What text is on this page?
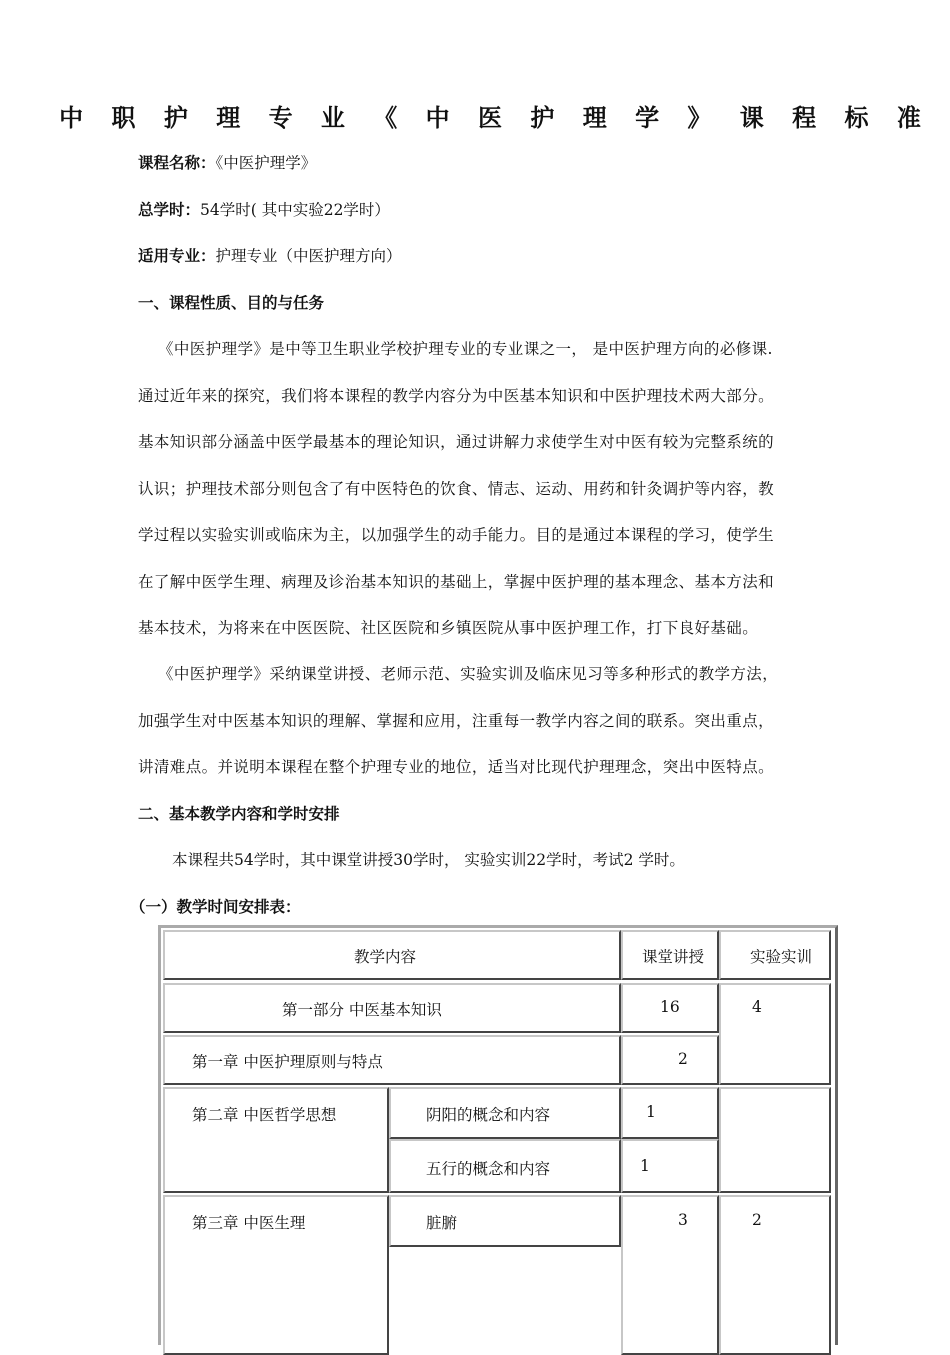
中 职 护 理 专 业 《 中 医 护 理 学 》 课 程 标 准
课程名称：《中医护理学》
总学时：54学时( 其中实验22学时）
适用专业：护理专业（中医护理方向）
一、课程性质、目的与任务
《中医护理学》是中等卫生职业学校护理专业的专业课之一， 是中医护理方向的必修课.
通过近年来的探究，我们将本课程的教学内容分为中医基本知识和中医护理技术两大部分。
基本知识部分涵盖中医学最基本的理论知识，通过讲解力求使学生对中医有较为完整系统的
认识；护理技术部分则包含了有中医特色的饮食、情志、运动、用药和针灸调护等内容，教
学过程以实验实训或临床为主，以加强学生的动手能力。目的是通过本课程的学习，使学生
在了解中医学生理、病理及诊治基本知识的基础上，掌握中医护理的基本理念、基本方法和
基本技术，为将来在中医医院、社区医院和乡镇医院从事中医护理工作，打下良好基础。
《中医护理学》采纳课堂讲授、老师示范、实验实训及临床见习等多种形式的教学方法，
加强学生对中医基本知识的理解、掌握和应用，注重每一教学内容之间的联系。突出重点，
讲清难点。并说明本课程在整个护理专业的地位，适当对比现代护理理念，突出中医特点。
二、基本教学内容和学时安排
本课程共54学时，其中课堂讲授30学时， 实验实训22学时，考试2 学时。
（一）教学时间安排表：
教学内容	课堂讲授	实验实训
第一部分 中医基本知识	16	4
第一章 中医护理原则与特点	2
第二章 中医哲学思想	阴阳的概念和内容	1
五行的概念和内容	1
第三章 中医生理	脏腑	3	2
